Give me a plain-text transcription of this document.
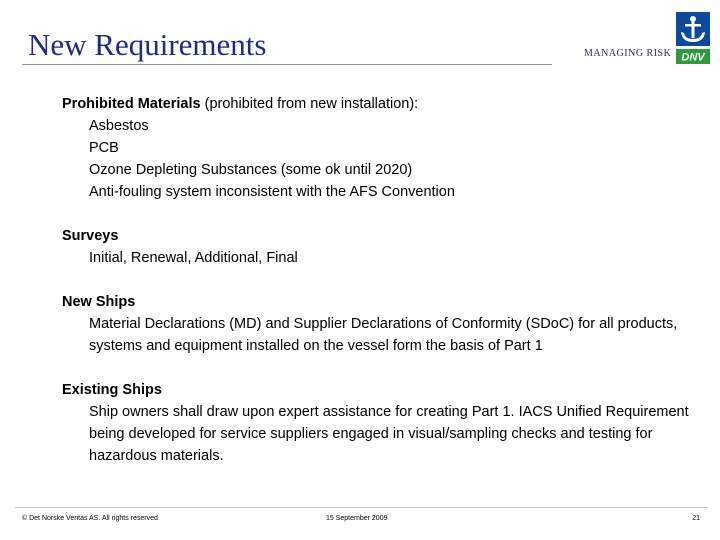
New Requirements	MANAGING RISK DNV
Prohibited Materials (prohibited from new installation):
Asbestos
PCB
Ozone Depleting Substances (some ok until 2020)
Anti-fouling system inconsistent with the AFS Convention
Surveys
Initial, Renewal, Additional, Final
New Ships
Material Declarations (MD) and Supplier Declarations of Conformity (SDoC) for all products, systems and equipment installed on the vessel form the basis of Part 1
Existing Ships
Ship owners shall draw upon expert assistance for creating Part 1. IACS Unified Requirement being developed for service suppliers engaged in visual/sampling checks and testing for hazardous materials.
© Det Norske Veritas AS. All rights reserved	15 September 2009	21
